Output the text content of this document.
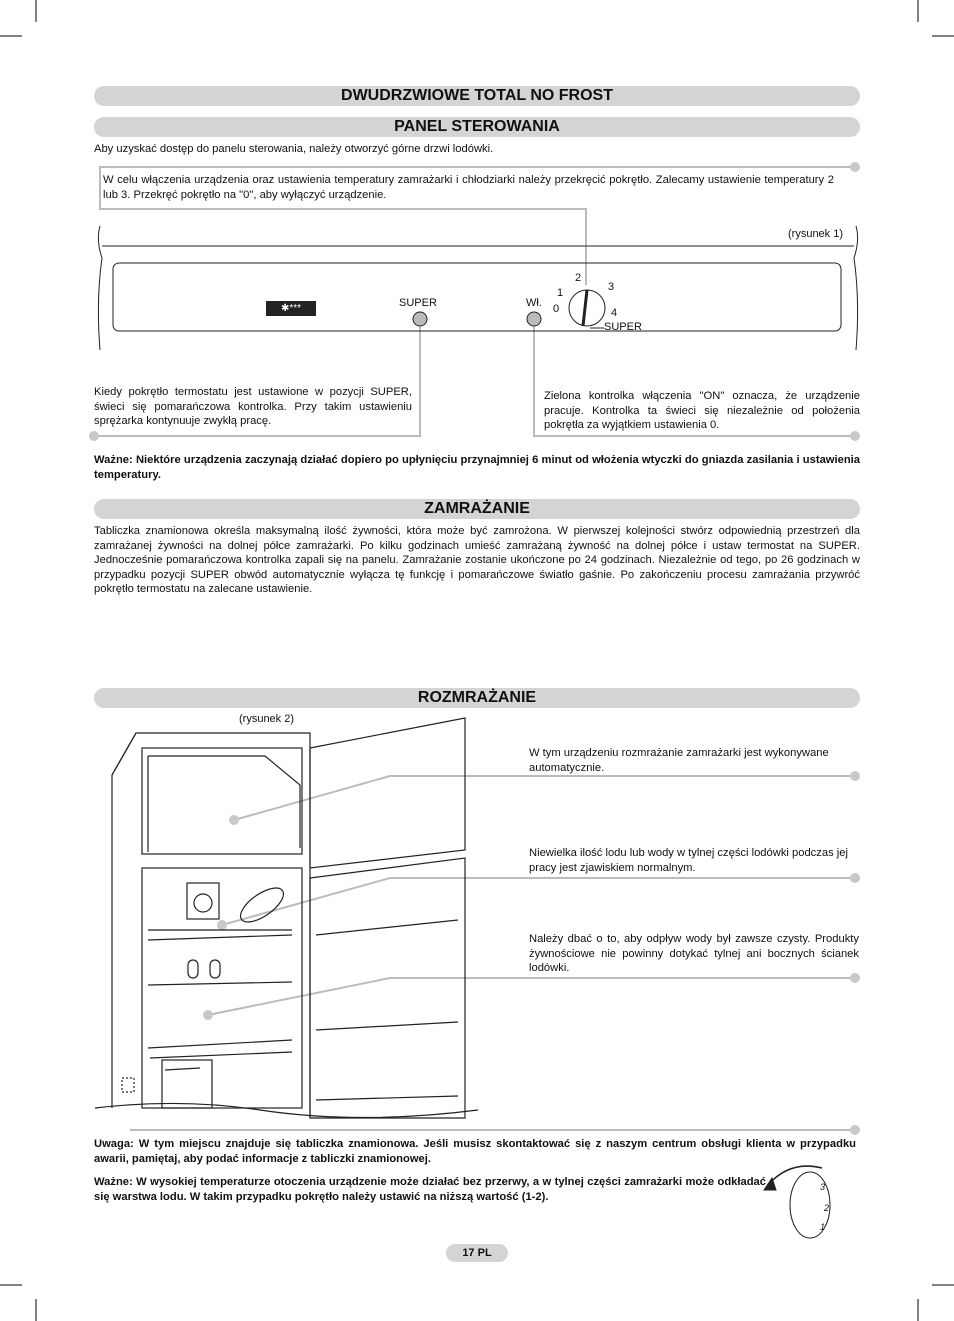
DWUDRZWIOWE TOTAL NO FROST
PANEL STEROWANIA
ZAMRAŻANIE
ROZMRAŻANIE
Aby uzyskać dostęp do panelu sterowania, należy otworzyć górne drzwi lodówki.
W celu włączenia urządzenia oraz ustawienia temperatury zamrażarki i chłodziarki należy przekręcić pokrętło. Zalecamy ustawienie temperatury 2 lub 3. Przekręć pokrętło na "0", aby wyłączyć urządzenie.
(rysunek 1)
✱***	SUPER	Wł.	0
1
2
3
4
SUPER
Kiedy pokrętło termostatu jest ustawione w pozycji SUPER, świeci się pomarańczowa kontrolka. Przy takim ustawieniu sprężarka kontynuuje zwykłą pracę.
Zielona kontrolka włączenia "ON" oznacza, że urządzenie pracuje. Kontrolka ta świeci się niezależnie od położenia pokrętła za wyjątkiem ustawienia 0.
Ważne: Niektóre urządzenia zaczynają działać dopiero po upłynięciu przynajmniej 6 minut od włożenia wtyczki do gniazda zasilania i ustawienia temperatury.
Tabliczka znamionowa określa maksymalną ilość żywności, która może być zamrożona. W pierwszej kolejności stwórz odpowiednią przestrzeń dla zamrażanej żywności na dolnej półce zamrażarki. Po kilku godzinach umieść zamrażaną żywność na dolnej półce i ustaw termostat na SUPER. Jednocześnie pomarańczowa kontrolka zapali się na panelu. Zamrażanie zostanie ukończone po 24 godzinach. Niezależnie od tego, po 26 godzinach w przypadku pozycji SUPER obwód automatycznie wyłącza tę funkcję i pomarańczowe światło gaśnie. Po zakończeniu procesu zamrażania przywróć pokrętło termostatu na zalecane ustawienie.
(rysunek 2)
W tym urządzeniu rozmrażanie zamrażarki jest wykonywane automatycznie.
Niewielka ilość lodu lub wody w tylnej części lodówki podczas jej pracy jest zjawiskiem normalnym.
Należy dbać o to, aby odpływ wody był zawsze czysty. Produkty żywnościowe nie powinny dotykać tylnej ani bocznych ścianek lodówki.
Uwaga: W tym miejscu znajduje się tabliczka znamionowa. Jeśli musisz skontaktować się z naszym centrum obsługi klienta w przypadku awarii, pamiętaj, aby podać informacje z tabliczki znamionowej.
Ważne: W wysokiej temperaturze otoczenia urządzenie może działać bez przerwy, a w tylnej części zamrażarki może odkładać się warstwa lodu. W takim przypadku pokrętło należy ustawić na niższą wartość (1-2).
3
2
1
17 PL
